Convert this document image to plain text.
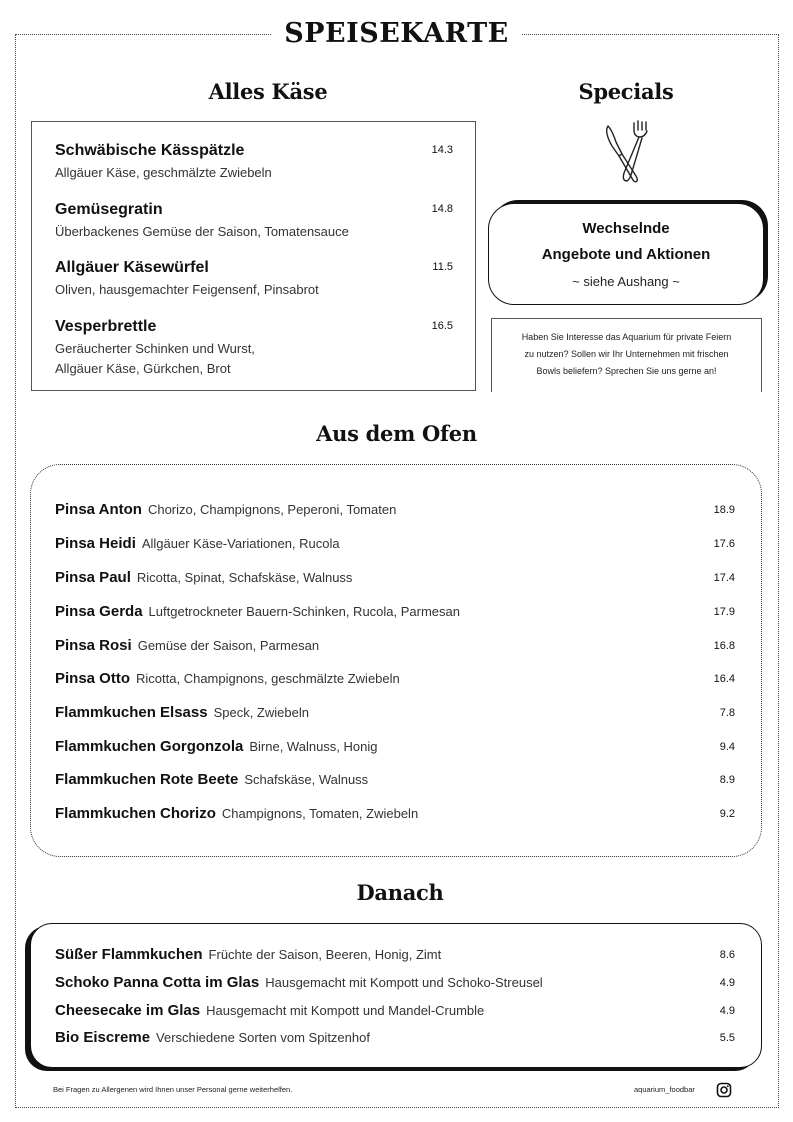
SPEISEKARTE
Alles Käse
Schwäbische Kässpätzle	14.3
Allgäuer Käse, geschmälzte Zwiebeln
Gemüsegratin	14.8
Überbackenes Gemüse der Saison, Tomatensauce
Allgäuer Käsewürfel	11.5
Oliven, hausgemachter Feigensenf, Pinsabrot
Vesperbrettle	16.5
Geräucherter Schinken und Wurst,
Allgäuer Käse, Gürkchen, Brot
Specials
Wechselnde
Angebote und Aktionen
~ siehe Aushang ~
Haben Sie Interesse das Aquarium für private Feiern
zu nutzen? Sollen wir Ihr Unternehmen mit frischen
Bowls beliefern? Sprechen Sie uns gerne an!
Aus dem Ofen
Pinsa Anton Chorizo, Champignons, Peperoni, Tomaten	18.9
Pinsa Heidi Allgäuer Käse-Variationen, Rucola	17.6
Pinsa Paul Ricotta, Spinat, Schafskäse, Walnuss	17.4
Pinsa Gerda Luftgetrockneter Bauern-Schinken, Rucola, Parmesan	17.9
Pinsa Rosi Gemüse der Saison, Parmesan	16.8
Pinsa Otto Ricotta, Champignons, geschmälzte Zwiebeln	16.4
Flammkuchen Elsass Speck, Zwiebeln	7.8
Flammkuchen Gorgonzola Birne, Walnuss, Honig	9.4
Flammkuchen Rote Beete Schafskäse, Walnuss	8.9
Flammkuchen Chorizo Champignons, Tomaten, Zwiebeln	9.2
Danach
Süßer Flammkuchen Früchte der Saison, Beeren, Honig, Zimt	8.6
Schoko Panna Cotta im Glas Hausgemacht mit Kompott und Schoko-Streusel	4.9
Cheesecake im Glas Hausgemacht mit Kompott und Mandel-Crumble	4.9
Bio Eiscreme Verschiedene Sorten vom Spitzenhof	5.5
Bei Fragen zu Allergenen wird Ihnen unser Personal gerne weiterhelfen.	aquarium_foodbar
